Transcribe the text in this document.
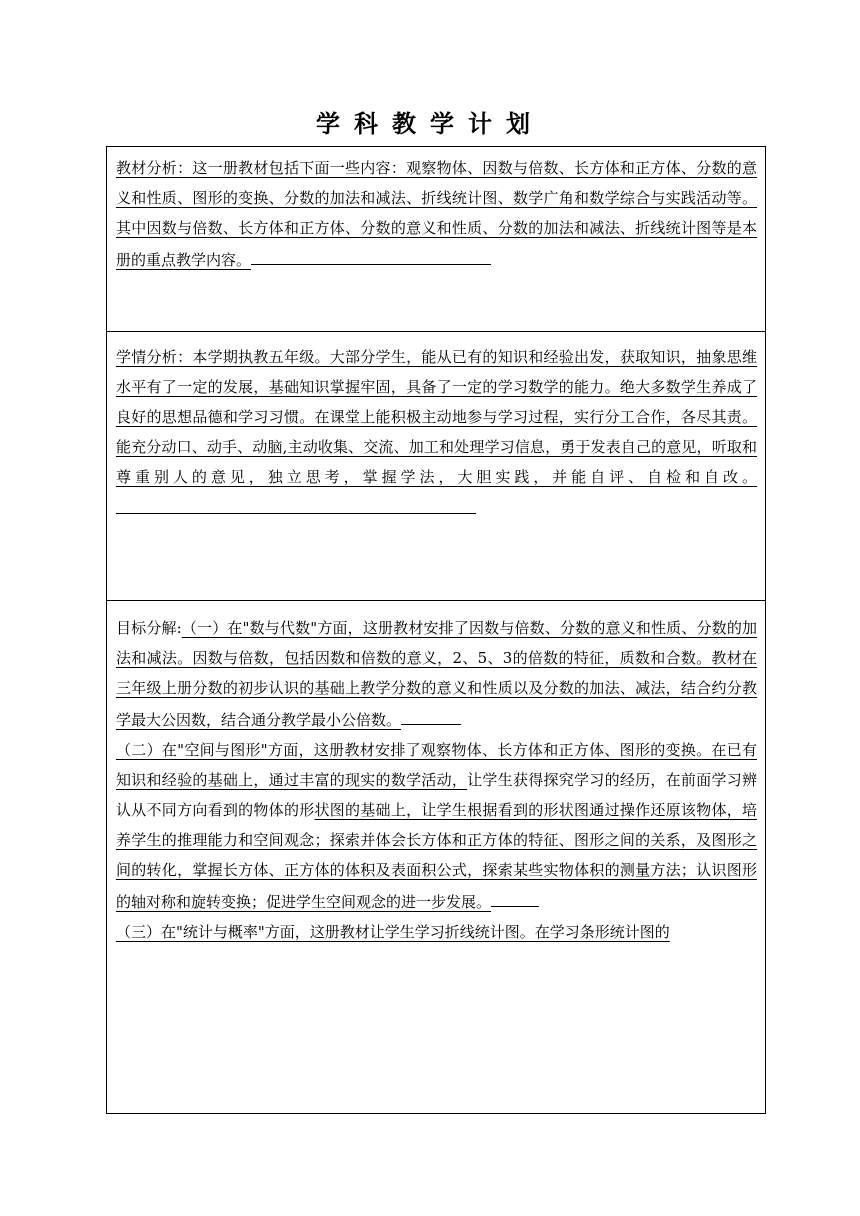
学科教学计划
教材分析：这一册教材包括下面一些内容：观察物体、因数与倍数、长方体和正方体、分数的意义和性质、图形的变换、分数的加法和减法、折线统计图、数学广角和数学综合与实践活动等。其中因数与倍数、长方体和正方体、分数的意义和性质、分数的加法和减法、折线统计图等是本册的重点教学内容。
学情分析：本学期执教五年级。大部分学生，能从已有的知识和经验出发，获取知识，抽象思维水平有了一定的发展，基础知识掌握牢固，具备了一定的学习数学的能力。绝大多数学生养成了良好的思想品德和学习习惯。在课堂上能积极主动地参与学习过程，实行分工合作，各尽其责。 能充分动口、动手、动脑,主动收集、交流、加工和处理学习信息，勇于发表自己的意见，听取和尊重别人的意见，独立思考，掌握学法，大胆实践，并能自评、自检和自改。
目标分解:（一）在"数与代数"方面，这册教材安排了因数与倍数、分数的意义和性质、分数的加法和减法。因数与倍数，包括因数和倍数的意义，2、5、3的倍数的特征，质数和合数。教材在三年级上册分数的初步认识的基础上教学分数的意义和性质以及分数的加法、减法，结合约分教学最大公因数，结合通分教学最小公倍数。
（二）在"空间与图形"方面，这册教材安排了观察物体、长方体和正方体、图形的变换。在已有知识和经验的基础上，通过丰富的现实的数学活动，让学生获得探究学习的经历，在前面学习辨认从不同方向看到的物体的形状图的基础上，让学生根据看到的形状图通过操作还原该物体，培养学生的推理能力和空间观念；探索并体会长方体和正方体的特征、图形之间的关系，及图形之间的转化，掌握长方体、正方体的体积及表面积公式，探索某些实物体积的测量方法；认识图形的轴对称和旋转变换；促进学生空间观念的进一步发展。
（三）在"统计与概率"方面，这册教材让学生学习折线统计图。在学习条形统计图的
